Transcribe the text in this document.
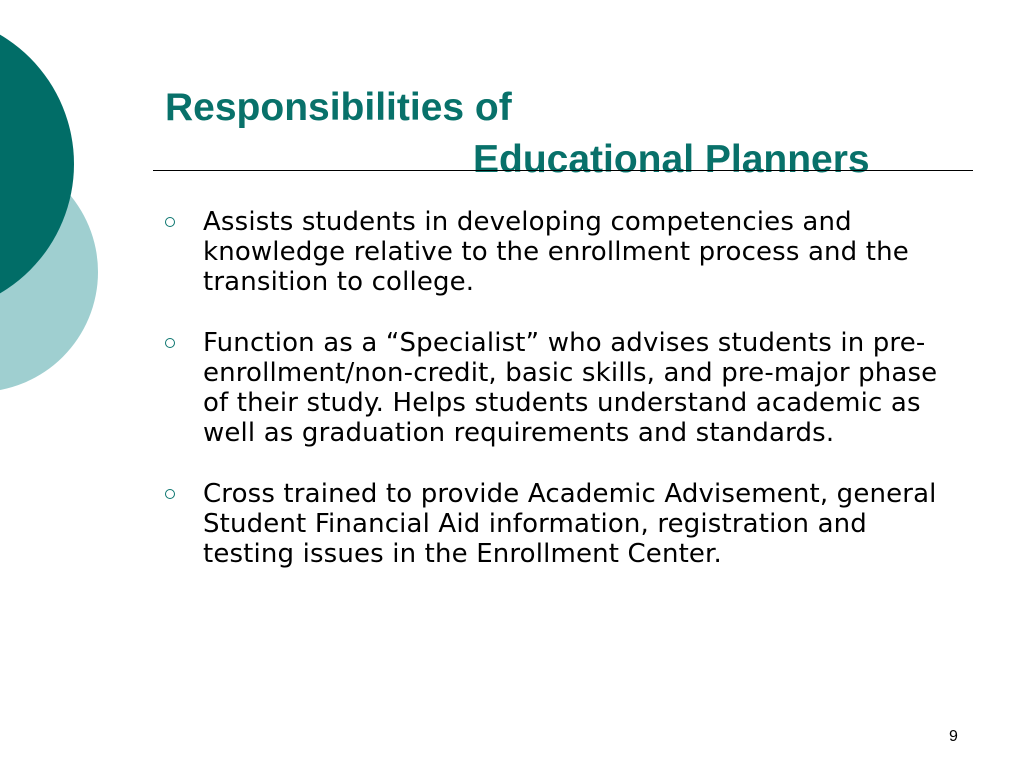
Responsibilities of
Educational Planners
Assists students in developing competencies and knowledge relative to the enrollment process and the transition to college.
Function as a “Specialist” who advises students in pre-enrollment/non-credit, basic skills, and pre-major phase of their study. Helps students understand academic as well as graduation requirements and standards.
Cross trained to provide Academic Advisement, general Student Financial Aid information, registration and testing issues in the Enrollment Center.
9
